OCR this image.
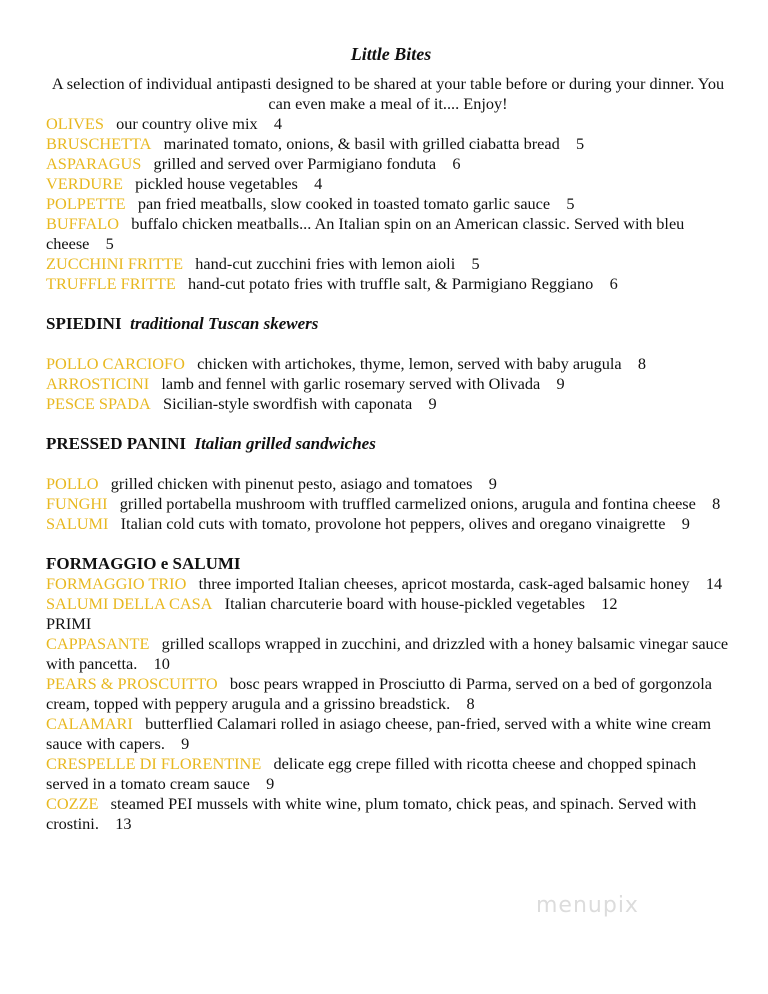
Little Bites

A selection of individual antipasti designed to be shared at your table before or during your dinner. You can even make a meal of it.... Enjoy!

OLIVES our country olive mix 4

BRUSCHETTA marinated tomato, onions, & basil with grilled ciabatta bread 5

ASPARAGUS grilled and served over Parmigiano fonduta 6

VERDURE pickled house vegetables 4

POLPETTE pan fried meatballs, slow cooked in toasted tomato garlic sauce 5

BUFFALO buffalo chicken meatballs... An Italian spin on an American classic. Served with bleu cheese 5

ZUCCHINI FRITTE hand-cut zucchini fries with lemon aioli 5

TRUFFLE FRITTE hand-cut potato fries with truffle salt, & Parmigiano Reggiano 6

SPIEDINI traditional Tuscan skewers

POLLO CARCIOFO chicken with artichokes, thyme, lemon, served with baby arugula 8

ARROSTICINI lamb and fennel with garlic rosemary served with Olivada 9

PESCE SPADA Sicilian-style swordfish with caponata 9

PRESSED PANINI Italian grilled sandwiches

POLLO grilled chicken with pinenut pesto, asiago and tomatoes 9

FUNGHI grilled portabella mushroom with truffled carmelized onions, arugula and fontina cheese 8

SALUMI Italian cold cuts with tomato, provolone hot peppers, olives and oregano vinaigrette 9

FORMAGGIO e SALUMI

FORMAGGIO TRIO three imported Italian cheeses, apricot mostarda, cask-aged balsamic honey 14

SALUMI DELLA CASA Italian charcuterie board with house-pickled vegetables 12

PRIMI

CAPPASANTE grilled scallops wrapped in zucchini, and drizzled with a honey balsamic vinegar sauce with pancetta. 10

PEARS & PROSCUITTO bosc pears wrapped in Prosciutto di Parma, served on a bed of gorgonzola cream, topped with peppery arugula and a grissino breadstick. 8

CALAMARI butterflied Calamari rolled in asiago cheese, pan-fried, served with a white wine cream sauce with capers. 9

CRESPELLE DI FLORENTINE delicate egg crepe filled with ricotta cheese and chopped spinach served in a tomato cream sauce 9

COZZE steamed PEI mussels with white wine, plum tomato, chick peas, and spinach. Served with crostini. 13

menupix
